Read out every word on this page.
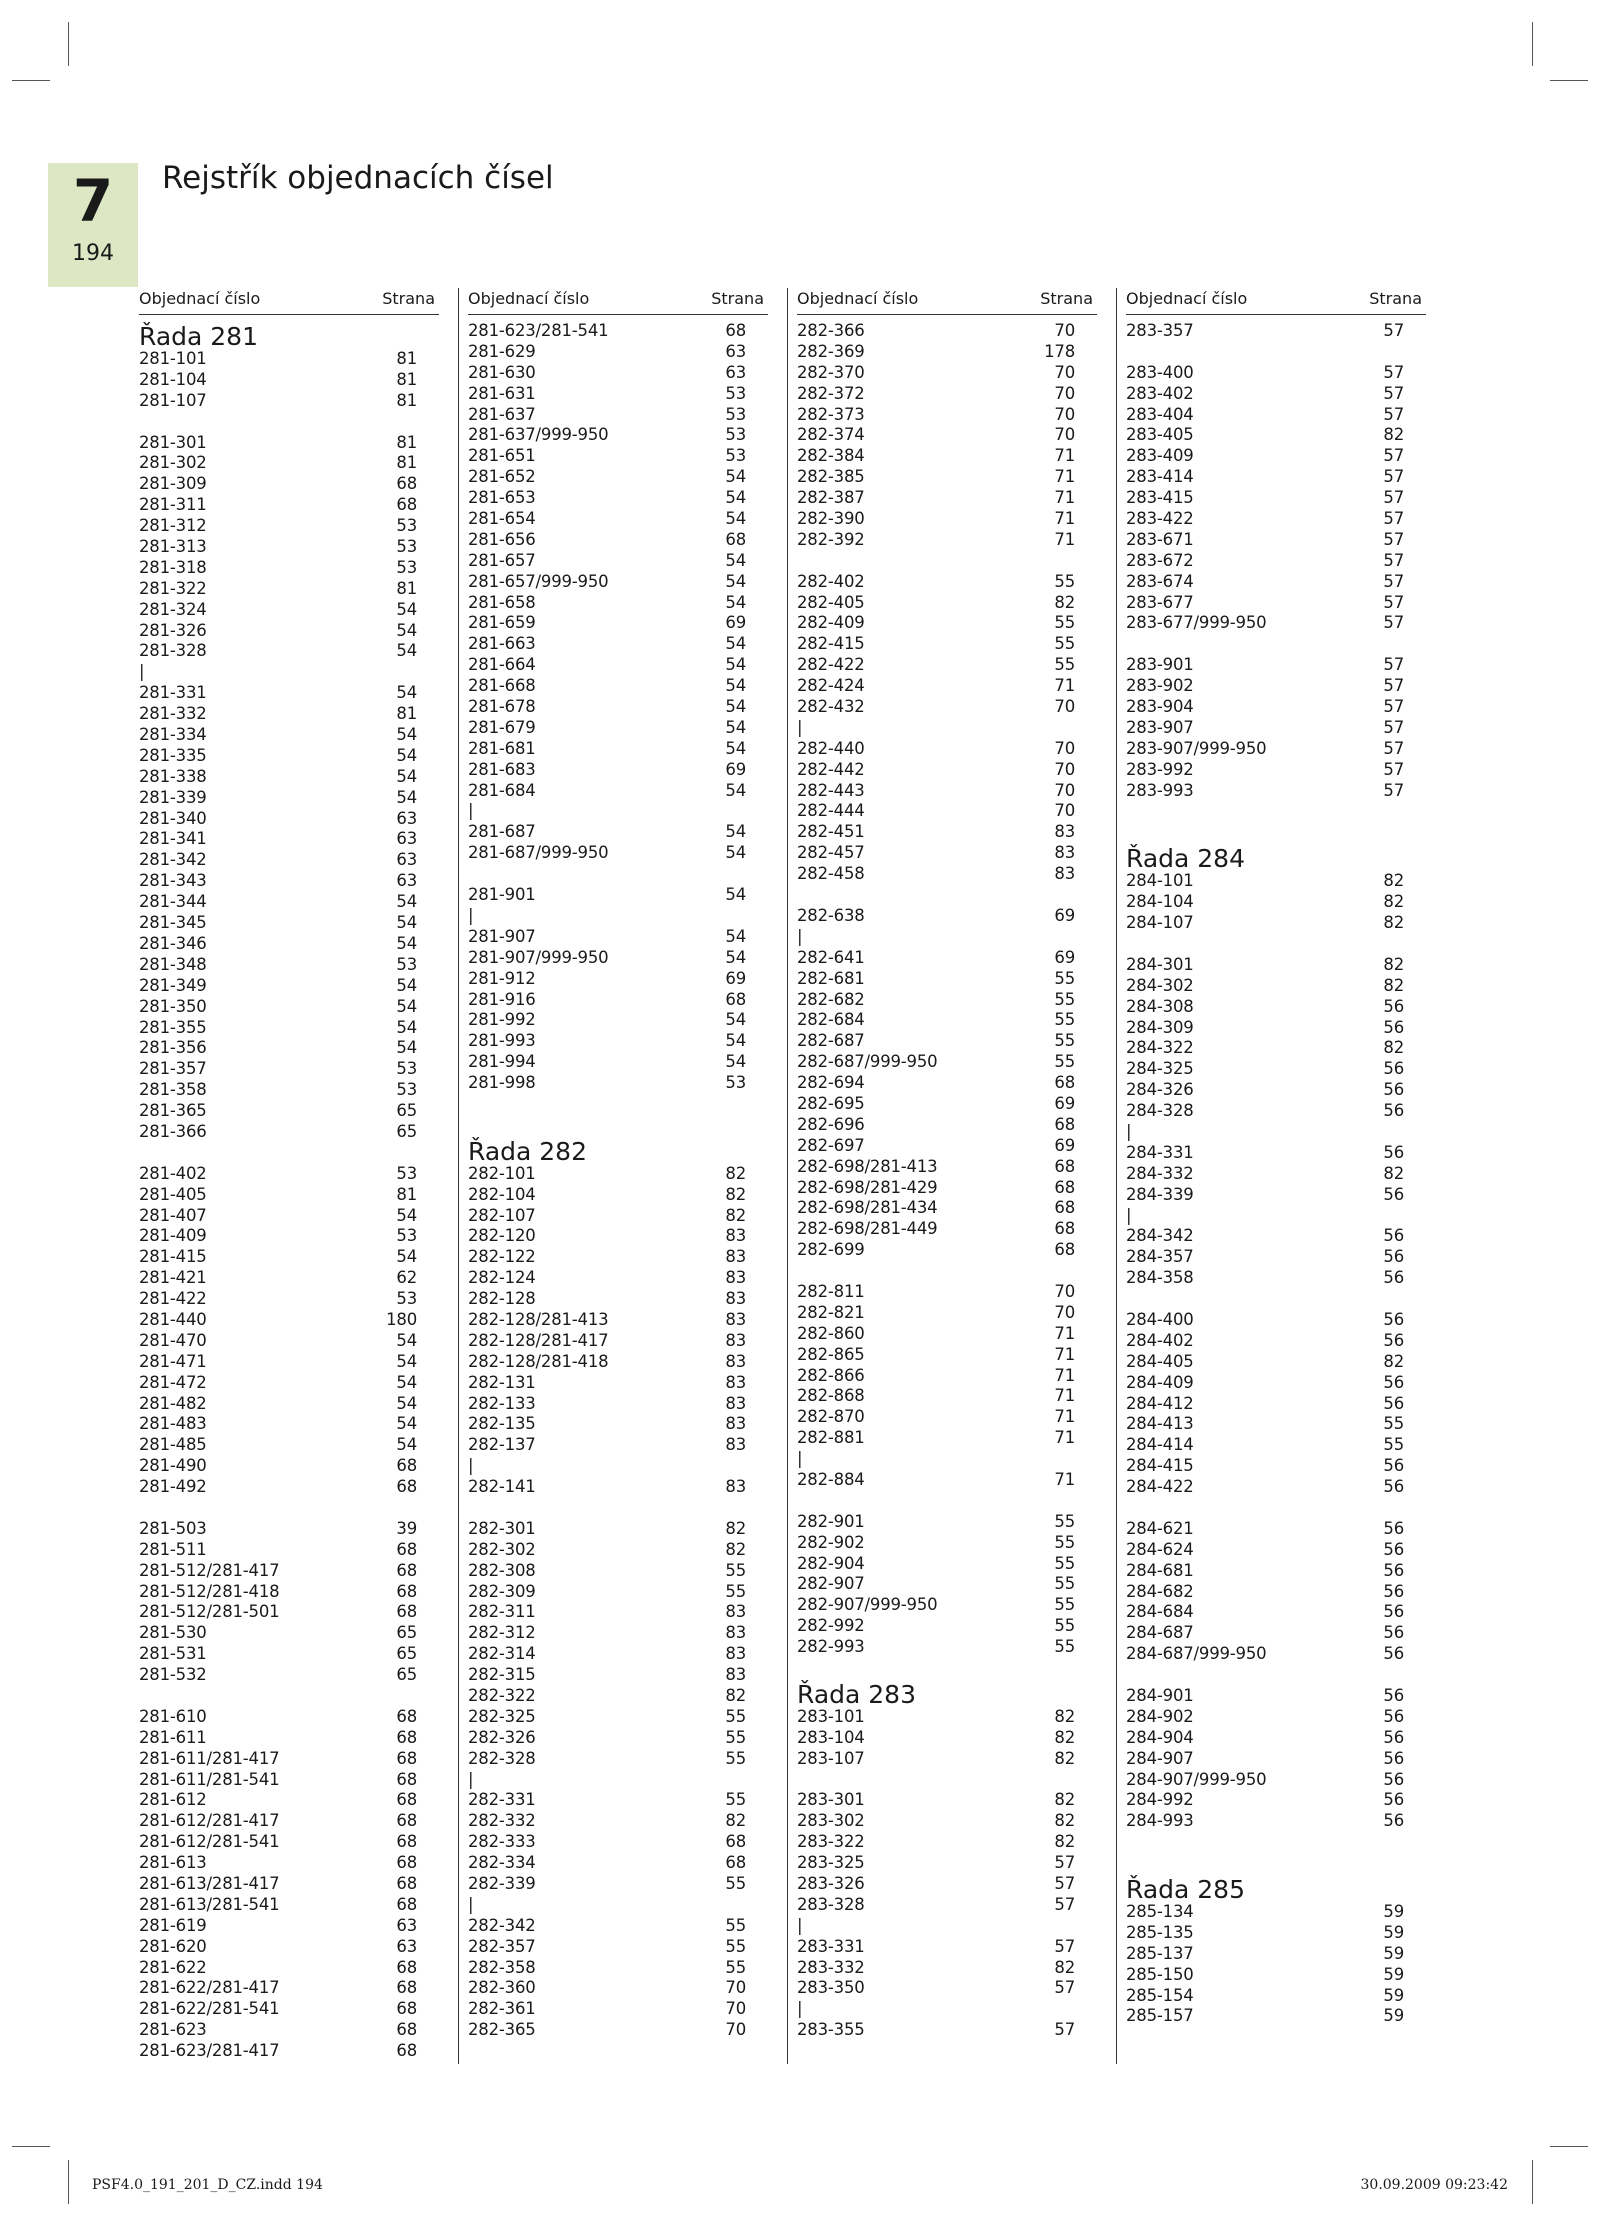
7
194
Rejstřík objednacích čísel
Objednací číslo	Strana
Řada 281
281-101	81
281-104	81
281-107	81
281-301	81
281-302	81
281-309	68
281-311	68
281-312	53
281-313	53
281-318	53
281-322	81
281-324	54
281-326	54
281-328	54
|
281-331	54
281-332	81
281-334	54
281-335	54
281-338	54
281-339	54
281-340	63
281-341	63
281-342	63
281-343	63
281-344	54
281-345	54
281-346	54
281-348	53
281-349	54
281-350	54
281-355	54
281-356	54
281-357	53
281-358	53
281-365	65
281-366	65
281-402	53
281-405	81
281-407	54
281-409	53
281-415	54
281-421	62
281-422	53
281-440	180
281-470	54
281-471	54
281-472	54
281-482	54
281-483	54
281-485	54
281-490	68
281-492	68
281-503	39
281-511	68
281-512/281-417	68
281-512/281-418	68
281-512/281-501	68
281-530	65
281-531	65
281-532	65
281-610	68
281-611	68
281-611/281-417	68
281-611/281-541	68
281-612	68
281-612/281-417	68
281-612/281-541	68
281-613	68
281-613/281-417	68
281-613/281-541	68
281-619	63
281-620	63
281-622	68
281-622/281-417	68
281-622/281-541	68
281-623	68
281-623/281-417	68
Objednací číslo	Strana
281-623/281-541	68
281-629	63
281-630	63
281-631	53
281-637	53
281-637/999-950	53
281-651	53
281-652	54
281-653	54
281-654	54
281-656	68
281-657	54
281-657/999-950	54
281-658	54
281-659	69
281-663	54
281-664	54
281-668	54
281-678	54
281-679	54
281-681	54
281-683	69
281-684	54
|
281-687	54
281-687/999-950	54
281-901	54
|
281-907	54
281-907/999-950	54
281-912	69
281-916	68
281-992	54
281-993	54
281-994	54
281-998	53
Řada 282
282-101	82
282-104	82
282-107	82
282-120	83
282-122	83
282-124	83
282-128	83
282-128/281-413	83
282-128/281-417	83
282-128/281-418	83
282-131	83
282-133	83
282-135	83
282-137	83
|
282-141	83
282-301	82
282-302	82
282-308	55
282-309	55
282-311	83
282-312	83
282-314	83
282-315	83
282-322	82
282-325	55
282-326	55
282-328	55
|
282-331	55
282-332	82
282-333	68
282-334	68
282-339	55
|
282-342	55
282-357	55
282-358	55
282-360	70
282-361	70
282-365	70
Objednací číslo	Strana
282-366	70
282-369	178
282-370	70
282-372	70
282-373	70
282-374	70
282-384	71
282-385	71
282-387	71
282-390	71
282-392	71
282-402	55
282-405	82
282-409	55
282-415	55
282-422	55
282-424	71
282-432	70
|
282-440	70
282-442	70
282-443	70
282-444	70
282-451	83
282-457	83
282-458	83
282-638	69
|
282-641	69
282-681	55
282-682	55
282-684	55
282-687	55
282-687/999-950	55
282-694	68
282-695	69
282-696	68
282-697	69
282-698/281-413	68
282-698/281-429	68
282-698/281-434	68
282-698/281-449	68
282-699	68
282-811	70
282-821	70
282-860	71
282-865	71
282-866	71
282-868	71
282-870	71
282-881	71
|
282-884	71
282-901	55
282-902	55
282-904	55
282-907	55
282-907/999-950	55
282-992	55
282-993	55
Řada 283
283-101	82
283-104	82
283-107	82
283-301	82
283-302	82
283-322	82
283-325	57
283-326	57
283-328	57
|
283-331	57
283-332	82
283-350	57
|
283-355	57
Objednací číslo	Strana
283-357	57
283-400	57
283-402	57
283-404	57
283-405	82
283-409	57
283-414	57
283-415	57
283-422	57
283-671	57
283-672	57
283-674	57
283-677	57
283-677/999-950	57
283-901	57
283-902	57
283-904	57
283-907	57
283-907/999-950	57
283-992	57
283-993	57
Řada 284
284-101	82
284-104	82
284-107	82
284-301	82
284-302	82
284-308	56
284-309	56
284-322	82
284-325	56
284-326	56
284-328	56
|
284-331	56
284-332	82
284-339	56
|
284-342	56
284-357	56
284-358	56
284-400	56
284-402	56
284-405	82
284-409	56
284-412	56
284-413	55
284-414	55
284-415	56
284-422	56
284-621	56
284-624	56
284-681	56
284-682	56
284-684	56
284-687	56
284-687/999-950	56
284-901	56
284-902	56
284-904	56
284-907	56
284-907/999-950	56
284-992	56
284-993	56
Řada 285
285-134	59
285-135	59
285-137	59
285-150	59
285-154	59
285-157	59
PSF4.0_191_201_D_CZ.indd 194	30.09.2009 09:23:42
